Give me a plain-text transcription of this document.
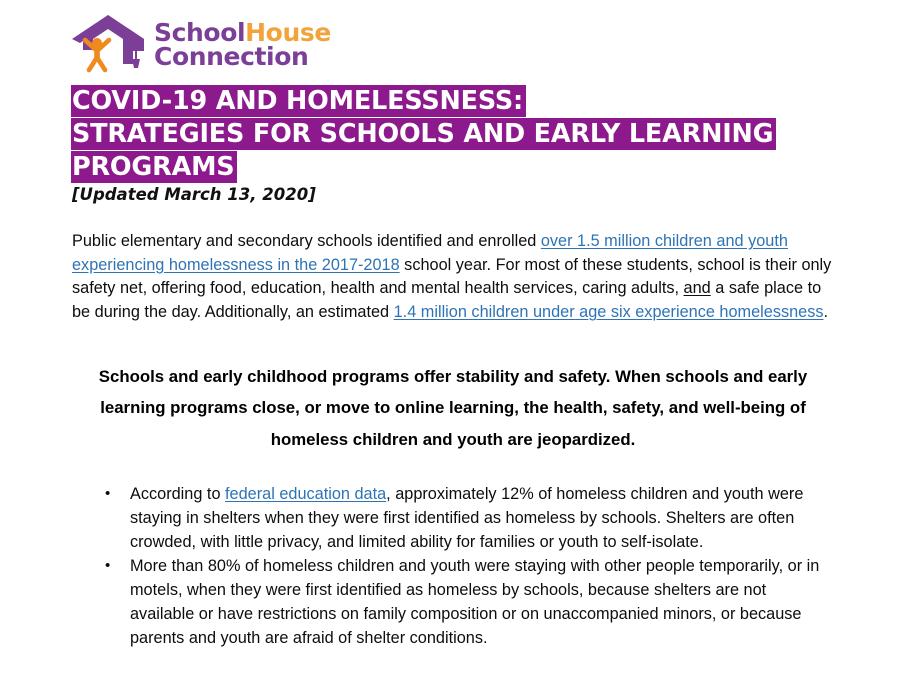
SchoolHouse
Connection
COVID-19 AND HOMELESSNESS:
STRATEGIES FOR SCHOOLS AND EARLY LEARNING
PROGRAMS
[Updated March 13, 2020]

Public elementary and secondary schools identified and enrolled over 1.5 million children and youth experiencing homelessness in the 2017-2018 school year. For most of these students, school is their only safety net, offering food, education, health and mental health services, caring adults, and a safe place to be during the day. Additionally, an estimated 1.4 million children under age six experience homelessness.

Schools and early childhood programs offer stability and safety. When schools and early learning programs close, or move to online learning, the health, safety, and well-being of homeless children and youth are jeopardized.

• According to federal education data, approximately 12% of homeless children and youth were staying in shelters when they were first identified as homeless by schools. Shelters are often crowded, with little privacy, and limited ability for families or youth to self-isolate.
• More than 80% of homeless children and youth were staying with other people temporarily, or in motels, when they were first identified as homeless by schools, because shelters are not available or have restrictions on family composition or on unaccompanied minors, or because parents and youth are afraid of shelter conditions.
